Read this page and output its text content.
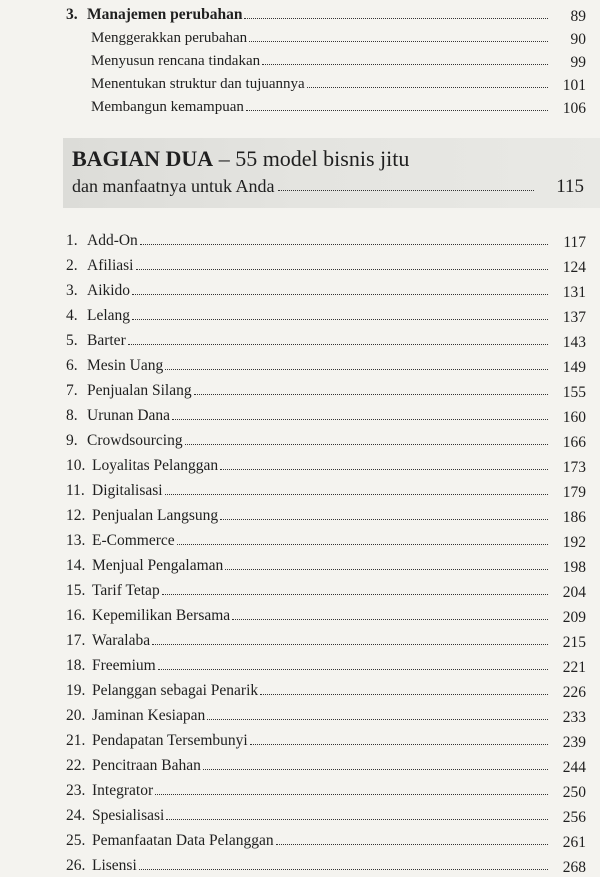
3. Manajemen perubahan	89
Menggerakkan perubahan	90
Menyusun rencana tindakan	99
Menentukan struktur dan tujuannya	101
Membangun kemampuan	106
BAGIAN DUA – 55 model bisnis jitu
dan manfaatnya untuk Anda	115
1. Add-On	117
2. Afiliasi	124
3. Aikido	131
4. Lelang	137
5. Barter	143
6. Mesin Uang	149
7. Penjualan Silang	155
8. Urunan Dana	160
9. Crowdsourcing	166
10. Loyalitas Pelanggan	173
11. Digitalisasi	179
12. Penjualan Langsung	186
13. E-Commerce	192
14. Menjual Pengalaman	198
15. Tarif Tetap	204
16. Kepemilikan Bersama	209
17. Waralaba	215
18. Freemium	221
19. Pelanggan sebagai Penarik	226
20. Jaminan Kesiapan	233
21. Pendapatan Tersembunyi	239
22. Pencitraan Bahan	244
23. Integrator	250
24. Spesialisasi	256
25. Pemanfaatan Data Pelanggan	261
26. Lisensi	268
